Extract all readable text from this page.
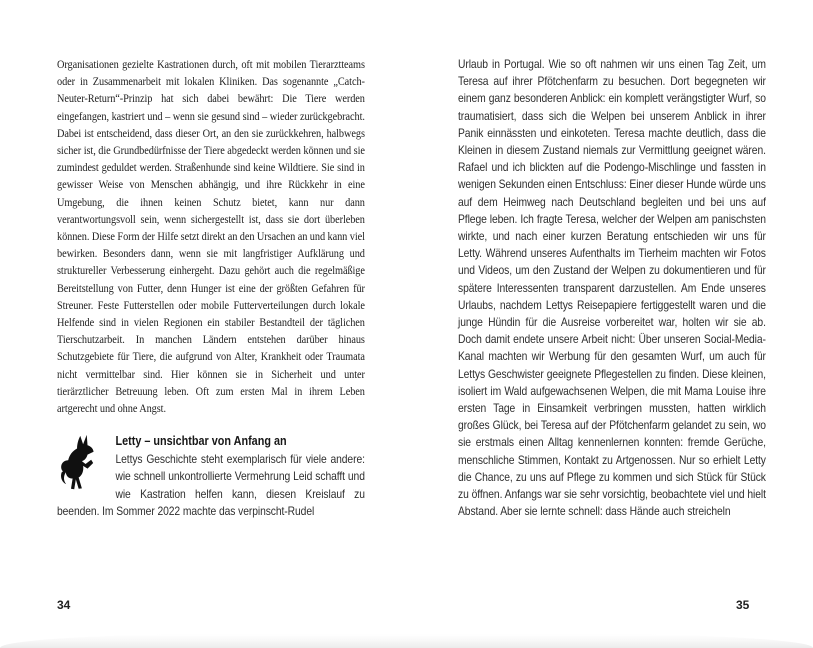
Organisationen gezielte Kastrationen durch, oft mit mobilen Tierarztteams oder in Zusammenarbeit mit lokalen Kliniken. Das sogenannte „Catch-Neuter-Return“-Prinzip hat sich dabei bewährt: Die Tiere werden eingefangen, kastriert und – wenn sie gesund sind – wieder zurückgebracht. Dabei ist entscheidend, dass dieser Ort, an den sie zurückkehren, halbwegs sicher ist, die Grundbedürfnisse der Tiere abgedeckt werden können und sie zumindest geduldet werden. Straßenhunde sind keine Wildtiere. Sie sind in gewisser Weise von Menschen abhängig, und ihre Rückkehr in eine Umgebung, die ihnen keinen Schutz bietet, kann nur dann verantwortungsvoll sein, wenn sichergestellt ist, dass sie dort überleben können. Diese Form der Hilfe setzt direkt an den Ursachen an und kann viel bewirken. Besonders dann, wenn sie mit langfristiger Aufklärung und struktureller Verbesserung einhergeht. Dazu gehört auch die regelmäßige Bereitstellung von Futter, denn Hunger ist eine der größten Gefahren für Streuner. Feste Futterstellen oder mobile Futterverteilungen durch lokale Helfende sind in vielen Regionen ein stabiler Bestandteil der täglichen Tierschutzarbeit. In manchen Ländern entstehen darüber hinaus Schutzgebiete für Tiere, die aufgrund von Alter, Krankheit oder Traumata nicht vermittelbar sind. Hier können sie in Sicherheit und unter tierärztlicher Betreuung leben. Oft zum ersten Mal in ihrem Leben artgerecht und ohne Angst.

Letty – unsichtbar von Anfang an

Lettys Geschichte steht exemplarisch für viele andere: wie schnell unkontrollierte Vermehrung Leid schafft und wie Kastration helfen kann, diesen Kreislauf zu beenden. Im Sommer 2022 machte das verpinscht-Rudel

Urlaub in Portugal. Wie so oft nahmen wir uns einen Tag Zeit, um Teresa auf ihrer Pfötchenfarm zu besuchen. Dort begegneten wir einem ganz besonderen Anblick: ein komplett verängstigter Wurf, so traumatisiert, dass sich die Welpen bei unserem Anblick in ihrer Panik einnässten und einkoteten. Teresa machte deutlich, dass die Kleinen in diesem Zustand niemals zur Vermittlung geeignet wären. Rafael und ich blickten auf die Podengo-Mischlinge und fassten in wenigen Sekunden einen Entschluss: Einer dieser Hunde würde uns auf dem Heimweg nach Deutschland begleiten und bei uns auf Pflege leben. Ich fragte Teresa, welcher der Welpen am panischsten wirkte, und nach einer kurzen Beratung entschieden wir uns für Letty. Während unseres Aufenthalts im Tierheim machten wir Fotos und Videos, um den Zustand der Welpen zu dokumentieren und für spätere Interessenten transparent darzustellen. Am Ende unseres Urlaubs, nachdem Lettys Reisepapiere fertiggestellt waren und die junge Hündin für die Ausreise vorbereitet war, holten wir sie ab. Doch damit endete unsere Arbeit nicht: Über unseren Social-Media-Kanal machten wir Werbung für den gesamten Wurf, um auch für Lettys Geschwister geeignete Pflegestellen zu finden. Diese kleinen, isoliert im Wald aufgewachsenen Welpen, die mit Mama Louise ihre ersten Tage in Einsamkeit verbringen mussten, hatten wirklich großes Glück, bei Teresa auf der Pfötchenfarm gelandet zu sein, wo sie erstmals einen Alltag kennenlernen konnten: fremde Gerüche, menschliche Stimmen, Kontakt zu Artgenossen. Nur so erhielt Letty die Chance, zu uns auf Pflege zu kommen und sich Stück für Stück zu öffnen. Anfangs war sie sehr vorsichtig, beobachtete viel und hielt Abstand. Aber sie lernte schnell: dass Hände auch streicheln

34	35
